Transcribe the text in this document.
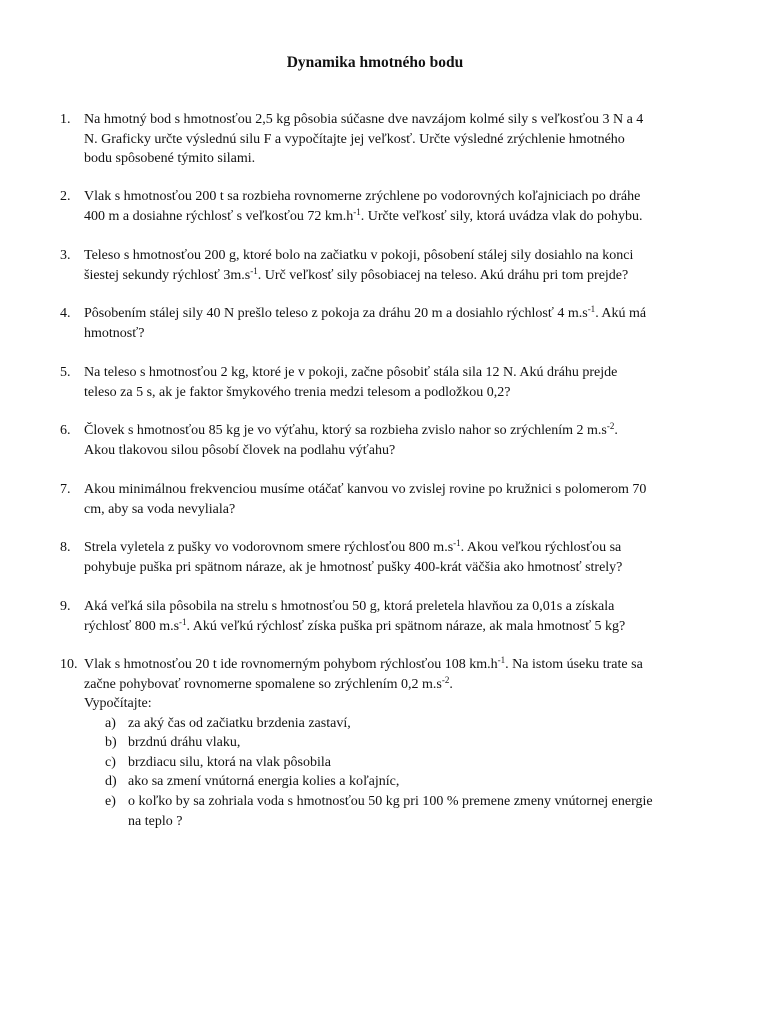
Dynamika hmotného bodu
1. Na hmotný bod s hmotnosťou 2,5 kg pôsobia súčasne dve navzájom kolmé sily s veľkosťou 3 N a 4
N. Graficky určte výslednú silu F a vypočítajte jej veľkosť. Určte výsledné zrýchlenie hmotného
bodu spôsobené týmito silami.
2. Vlak s hmotnosťou 200 t sa rozbieha rovnomerne zrýchlene po vodorovných koľajniciach po dráhe
400 m a dosiahne rýchlosť s veľkosťou 72 $km.h^{-1}$. Určte veľkosť sily, ktorá uvádza vlak do pohybu.
3. Teleso s hmotnosťou 200 g, ktoré bolo na začiatku v pokoji, pôsobení stálej sily dosiahlo na konci
šiestej sekundy rýchlosť $3m.s^{-1}$. Urč veľkosť sily pôsobiacej na teleso. Akú dráhu pri tom prejde?
4. Pôsobením stálej sily 40 N prešlo teleso z pokoja za dráhu 20 m a dosiahlo rýchlosť 4 $m.s^{-1}$. Akú má
hmotnosť?
5. Na teleso s hmotnosťou 2 kg, ktoré je v pokoji, začne pôsobiť stála sila 12 N. Akú dráhu prejde
teleso za 5 s, ak je faktor šmykového trenia medzi telesom a podložkou 0,2?
6. Človek s hmotnosťou 85 kg je vo výťahu, ktorý sa rozbieha zvislo nahor so zrýchlením 2 $m.s^{-2}$.
Akou tlakovou silou pôsobí človek na podlahu výťahu?
7. Akou minimálnou frekvenciou musíme otáčať kanvou vo zvislej rovine po kružnici s polomerom 70
cm, aby sa voda nevyliala?
8. Strela vyletela z pušky vo vodorovnom smere rýchlosťou 800 $m.s^{-1}$. Akou veľkou rýchlosťou sa
pohybuje puška pri spätnom náraze, ak je hmotnosť pušky 400-krát väčšia ako hmotnosť strely?
9. Aká veľká sila pôsobila na strelu s hmotnosťou 50 g, ktorá preletela hlavňou za 0,01s a získala
rýchlosť 800 $m.s^{-1}$. Akú veľkú rýchlosť získa puška pri spätnom náraze, ak mala hmotnosť 5 kg?
10. Vlak s hmotnosťou 20 t ide rovnomerným pohybom rýchlosťou 108 $km.h^{-1}$. Na istom úseku trate sa
začne pohybovať rovnomerne spomalene so zrýchlením 0,2 $m.s^{-2}$.
Vypočítajte:
a) za aký čas od začiatku brzdenia zastaví,
b) brzdnú dráhu vlaku,
c) brzdiacu silu, ktorá na vlak pôsobila
d) ako sa zmení vnútorná energia kolies a koľajníc,
e) o koľko by sa zohriala voda s hmotnosťou 50 kg pri 100 % premene zmeny vnútornej energie
na teplo ?
